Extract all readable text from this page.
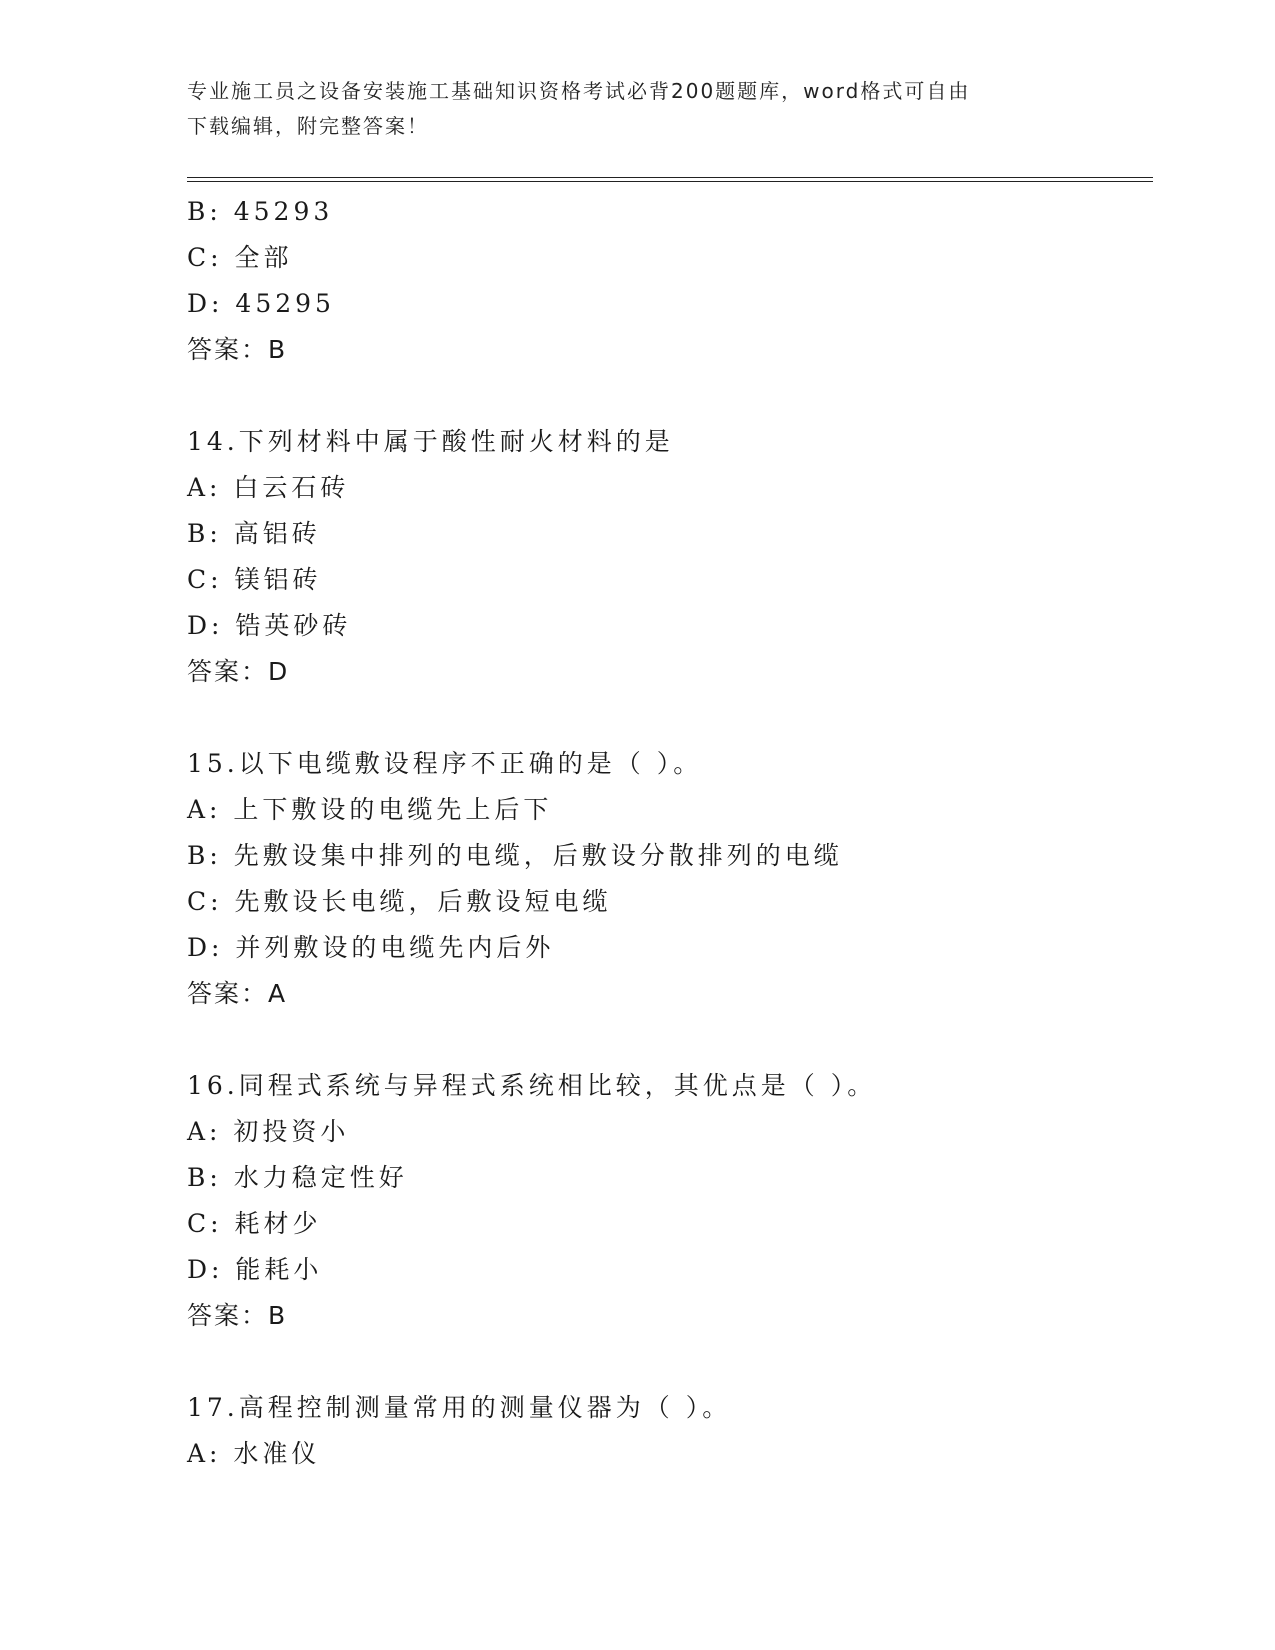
专业施工员之设备安装施工基础知识资格考试必背200题题库，word格式可自由
下载编辑，附完整答案！
B: 45293
C: 全部
D: 45295
答案：B
14.下列材料中属于酸性耐火材料的是
A: 白云石砖
B: 高铝砖
C: 镁铝砖
D: 锆英砂砖
答案：D
15.以下电缆敷设程序不正确的是（ ）。
A: 上下敷设的电缆先上后下
B: 先敷设集中排列的电缆，后敷设分散排列的电缆
C: 先敷设长电缆，后敷设短电缆
D: 并列敷设的电缆先内后外
答案：A
16.同程式系统与异程式系统相比较，其优点是（ ）。
A: 初投资小
B: 水力稳定性好
C: 耗材少
D: 能耗小
答案：B
17.高程控制测量常用的测量仪器为（ ）。
A: 水准仪
